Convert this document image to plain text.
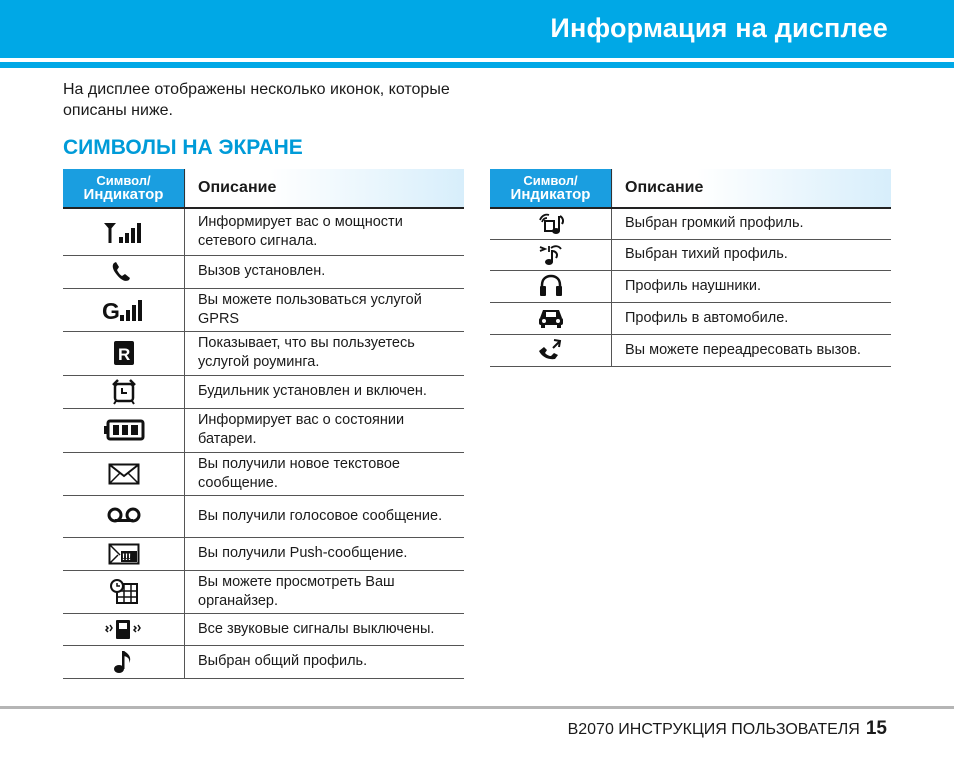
Информация на дисплее

На дисплее отображены несколько иконок, которые описаны ниже.

СИМВОЛЫ НА ЭКРАНЕ
Символ/
Индикатор	Описание
	Информирует вас о мощности сетевого сигнала.
	Вызов установлен.

G	Вы можете пользоваться услугой GPRS

R	Показывает, что вы пользуетесь услугой роуминга.
	Будильник установлен и включен.
	Информирует вас о состоянии батареи.
	Вы получили новое текстовое сообщение.
	Вы получили голосовое сообщение.

!!!	Вы получили Push-сообщение.
	Вы можете просмотреть Ваш органайзер.
	Все звуковые сигналы выключены.
	Выбран общий профиль.
Символ/
Индикатор	Описание
	Выбран громкий профиль.
	Выбран тихий профиль.
	Профиль наушники.
	Профиль в автомобиле.
	Вы можете переадресовать вызов.
B2070 ИНСТРУКЦИЯ ПОЛЬЗОВАТЕЛЯ 15
